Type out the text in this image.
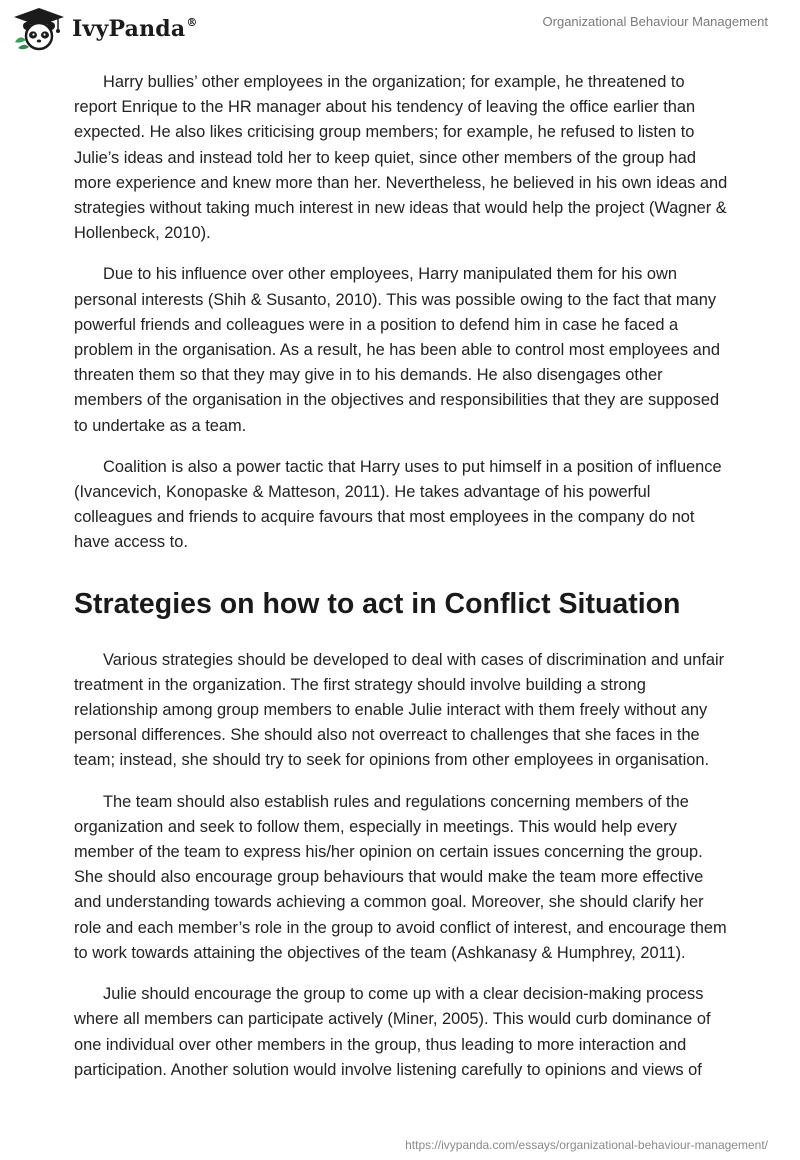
IvyPanda®	Organizational Behaviour Management

Harry bullies’ other employees in the organization; for example, he threatened to report Enrique to the HR manager about his tendency of leaving the office earlier than expected. He also likes criticising group members; for example, he refused to listen to Julie’s ideas and instead told her to keep quiet, since other members of the group had more experience and knew more than her. Nevertheless, he believed in his own ideas and strategies without taking much interest in new ideas that would help the project (Wagner & Hollenbeck, 2010).

Due to his influence over other employees, Harry manipulated them for his own personal interests (Shih & Susanto, 2010). This was possible owing to the fact that many powerful friends and colleagues were in a position to defend him in case he faced a problem in the organisation. As a result, he has been able to control most employees and threaten them so that they may give in to his demands. He also disengages other members of the organisation in the objectives and responsibilities that they are supposed to undertake as a team.

Coalition is also a power tactic that Harry uses to put himself in a position of influence (Ivancevich, Konopaske & Matteson, 2011). He takes advantage of his powerful colleagues and friends to acquire favours that most employees in the company do not have access to.

Strategies on how to act in Conflict Situation

Various strategies should be developed to deal with cases of discrimination and unfair treatment in the organization. The first strategy should involve building a strong relationship among group members to enable Julie interact with them freely without any personal differences. She should also not overreact to challenges that she faces in the team; instead, she should try to seek for opinions from other employees in organisation.

The team should also establish rules and regulations concerning members of the organization and seek to follow them, especially in meetings. This would help every member of the team to express his/her opinion on certain issues concerning the group. She should also encourage group behaviours that would make the team more effective and understanding towards achieving a common goal. Moreover, she should clarify her role and each member’s role in the group to avoid conflict of interest, and encourage them to work towards attaining the objectives of the team (Ashkanasy & Humphrey, 2011).

Julie should encourage the group to come up with a clear decision-making process where all members can participate actively (Miner, 2005). This would curb dominance of one individual over other members in the group, thus leading to more interaction and participation. Another solution would involve listening carefully to opinions and views of

https://ivypanda.com/essays/organizational-behaviour-management/
